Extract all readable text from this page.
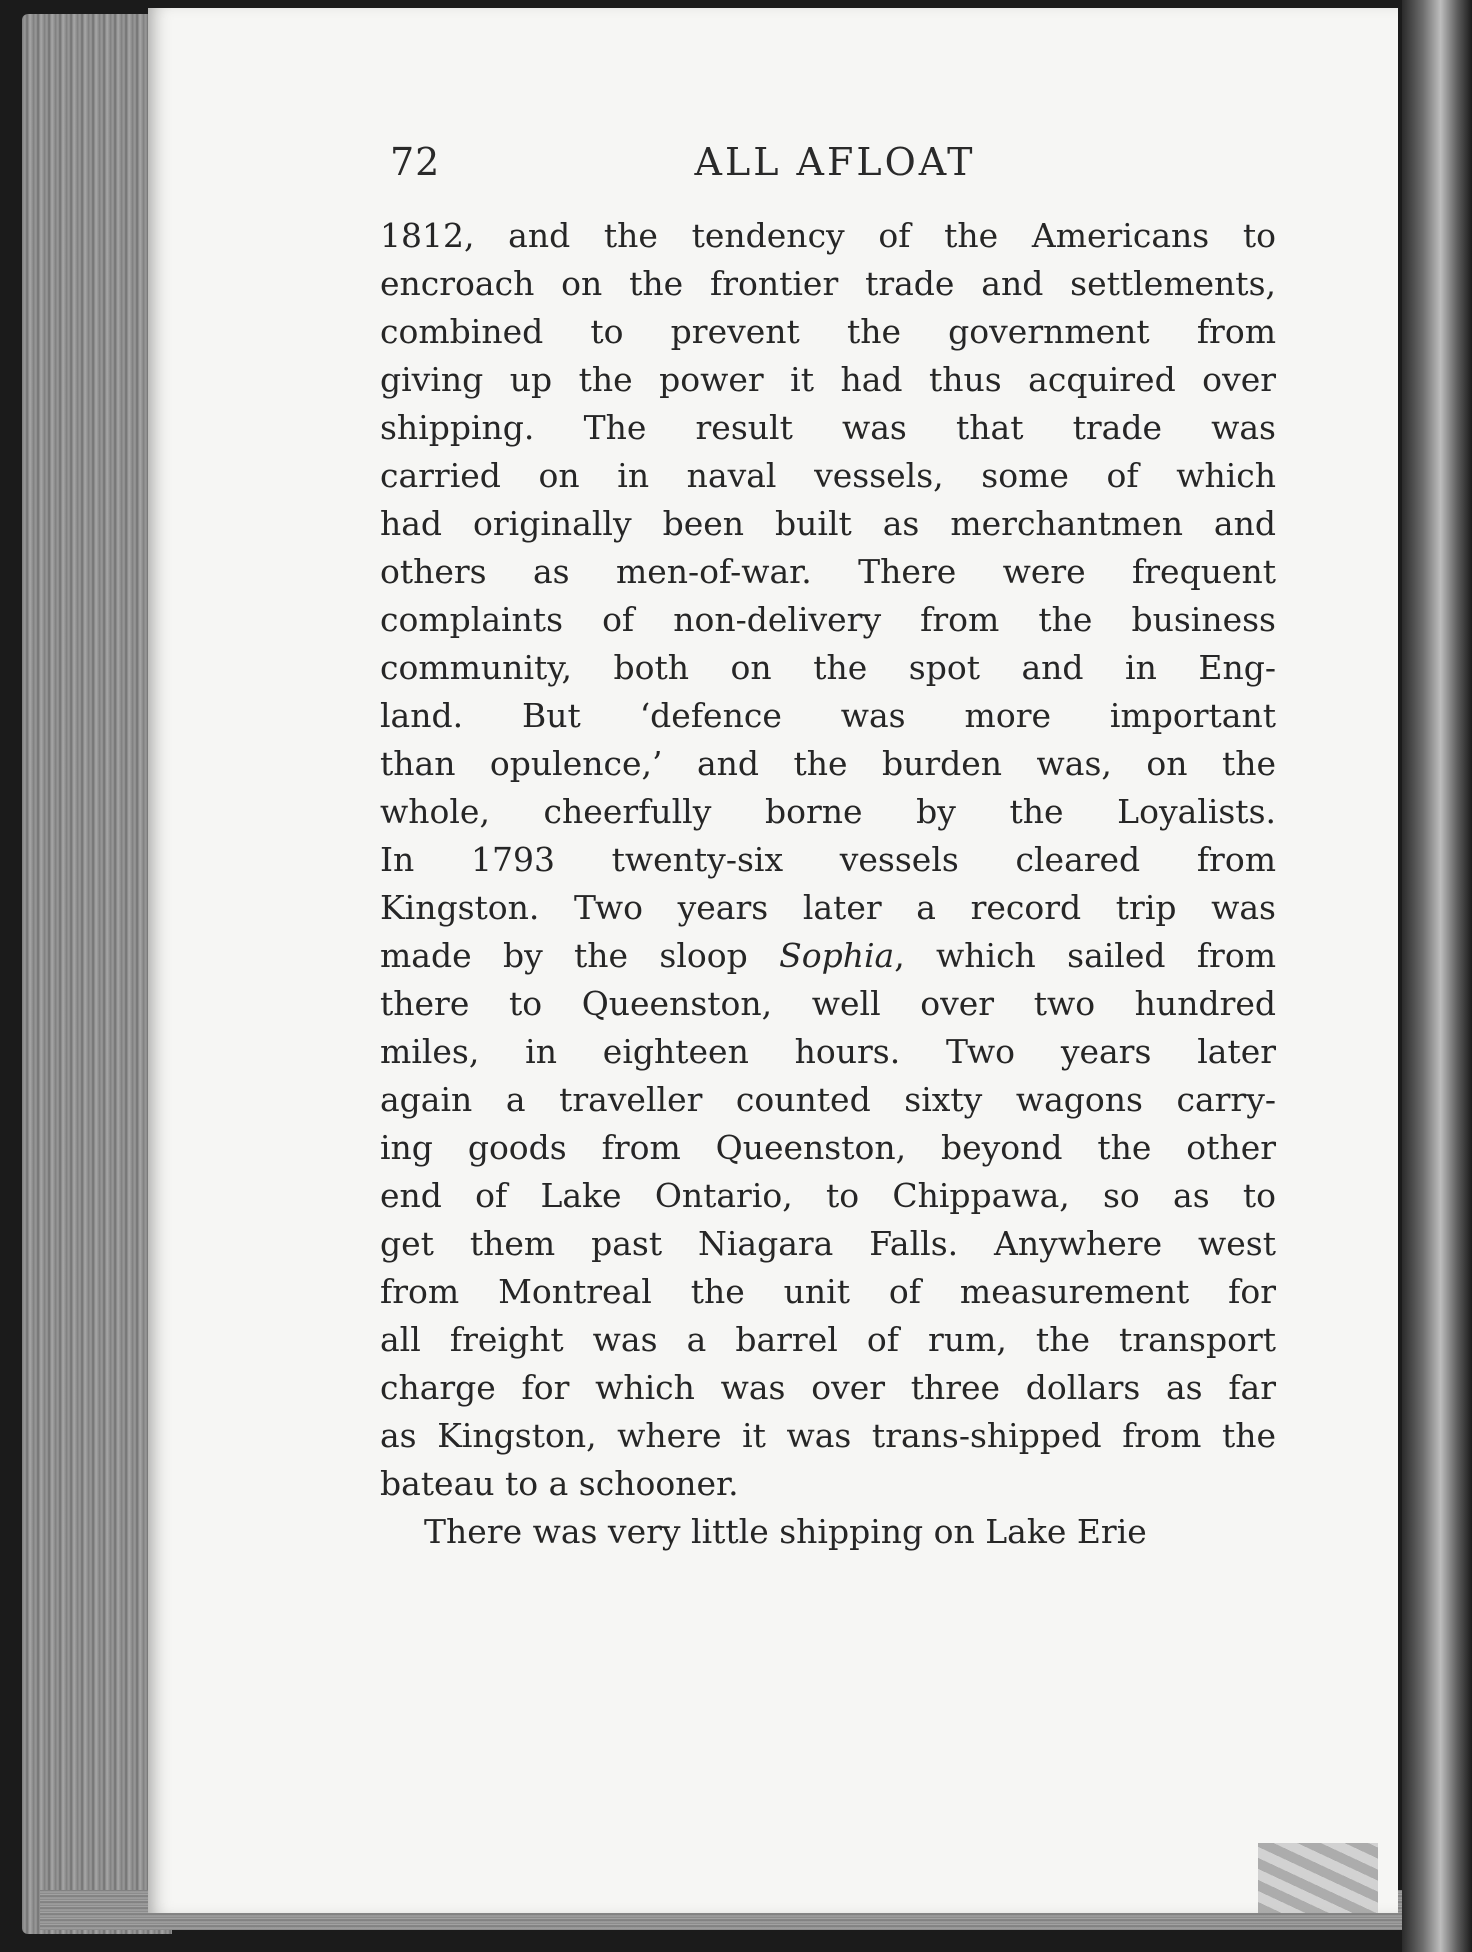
72	ALL AFLOAT
1812, and the tendency of the Americans to
encroach on the frontier trade and settlements,
combined to prevent the government from
giving up the power it had thus acquired over
shipping. The result was that trade was
carried on in naval vessels, some of which
had originally been built as merchantmen and
others as men-of-war. There were frequent
complaints of non-delivery from the business
community, both on the spot and in Eng-
land. But ‘defence was more important
than opulence,’ and the burden was, on the
whole, cheerfully borne by the Loyalists.
In 1793 twenty-six vessels cleared from
Kingston. Two years later a record trip was
made by the sloop Sophia, which sailed from
there to Queenston, well over two hundred
miles, in eighteen hours. Two years later
again a traveller counted sixty wagons carry-
ing goods from Queenston, beyond the other
end of Lake Ontario, to Chippawa, so as to
get them past Niagara Falls. Anywhere west
from Montreal the unit of measurement for
all freight was a barrel of rum, the transport
charge for which was over three dollars as far
as Kingston, where it was trans-shipped from the
bateau to a schooner.
There was very little shipping on Lake Erie
